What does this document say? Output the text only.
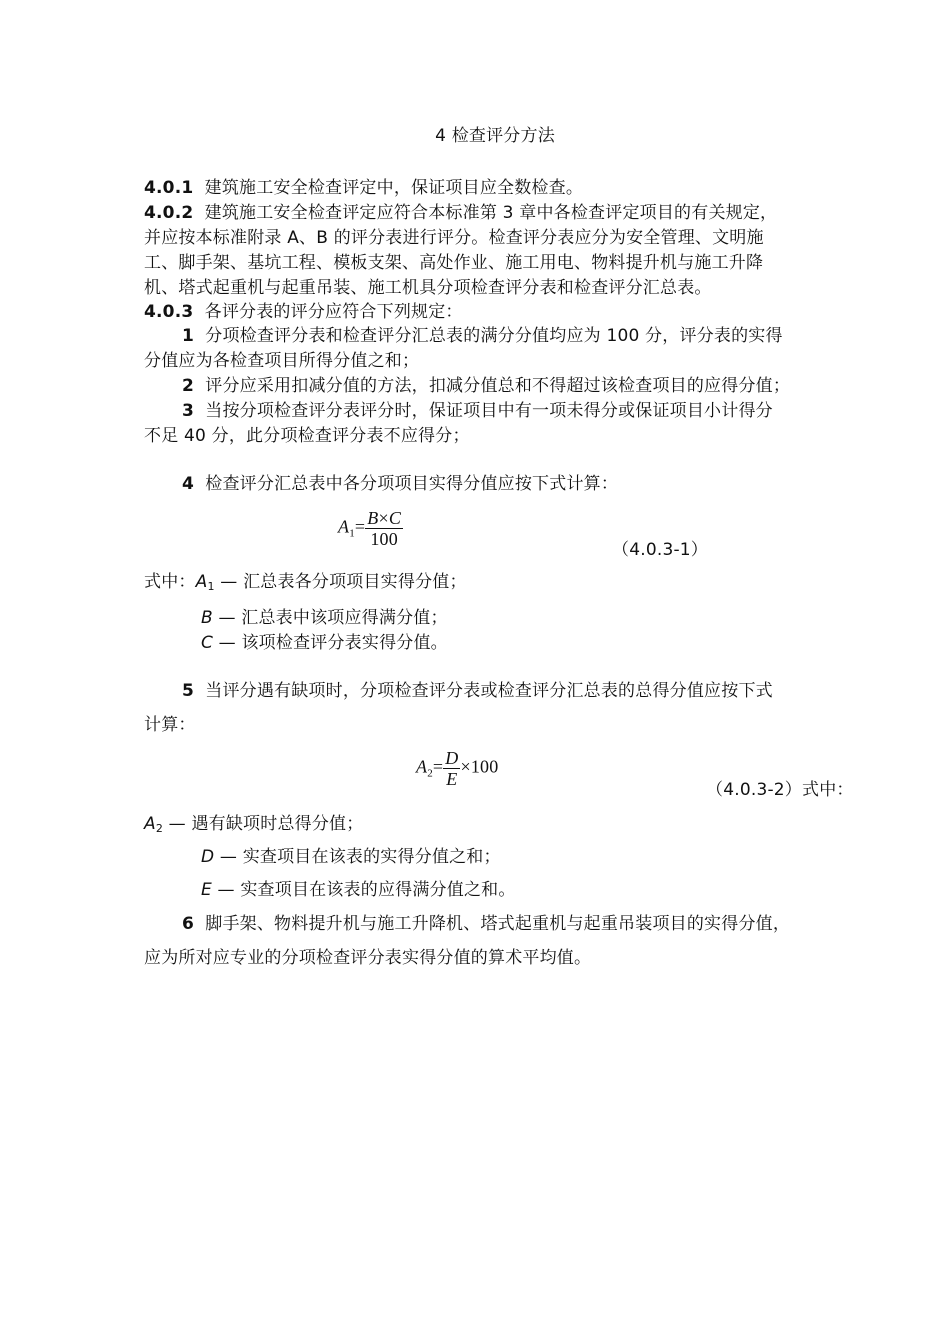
4 检查评分方法
4.0.1 建筑施工安全检查评定中，保证项目应全数检查。
4.0.2 建筑施工安全检查评定应符合本标准第 3 章中各检查评定项目的有关规定，
并应按本标准附录 A、B 的评分表进行评分。检查评分表应分为安全管理、文明施
工、脚手架、基坑工程、模板支架、高处作业、施工用电、物料提升机与施工升降
机、塔式起重机与起重吊装、施工机具分项检查评分表和检查评分汇总表。
4.0.3 各评分表的评分应符合下列规定：
1 分项检查评分表和检查评分汇总表的满分分值均应为 100 分，评分表的实得
分值应为各检查项目所得分值之和；
2 评分应采用扣减分值的方法，扣减分值总和不得超过该检查项目的应得分值；
3 当按分项检查评分表评分时，保证项目中有一项未得分或保证项目小计得分
不足 40 分，此分项检查评分表不应得分；
4 检查评分汇总表中各分项项目实得分值应按下式计算：
$A_1= \frac{B\times C}{100}$
（4.0.3-1）
式中：$A_1$ — 汇总表各分项项目实得分值；
B — 汇总表中该项应得满分值；
C — 该项检查评分表实得分值。
5 当评分遇有缺项时，分项检查评分表或检查评分汇总表的总得分值应按下式
计算：
$A_2= \frac{D}{E} \times 100$
（4.0.3-2）式中：
$A_2$ — 遇有缺项时总得分值；
D — 实查项目在该表的实得分值之和；
E — 实查项目在该表的应得满分值之和。
6 脚手架、物料提升机与施工升降机、塔式起重机与起重吊装项目的实得分值，
应为所对应专业的分项检查评分表实得分值的算术平均值。
